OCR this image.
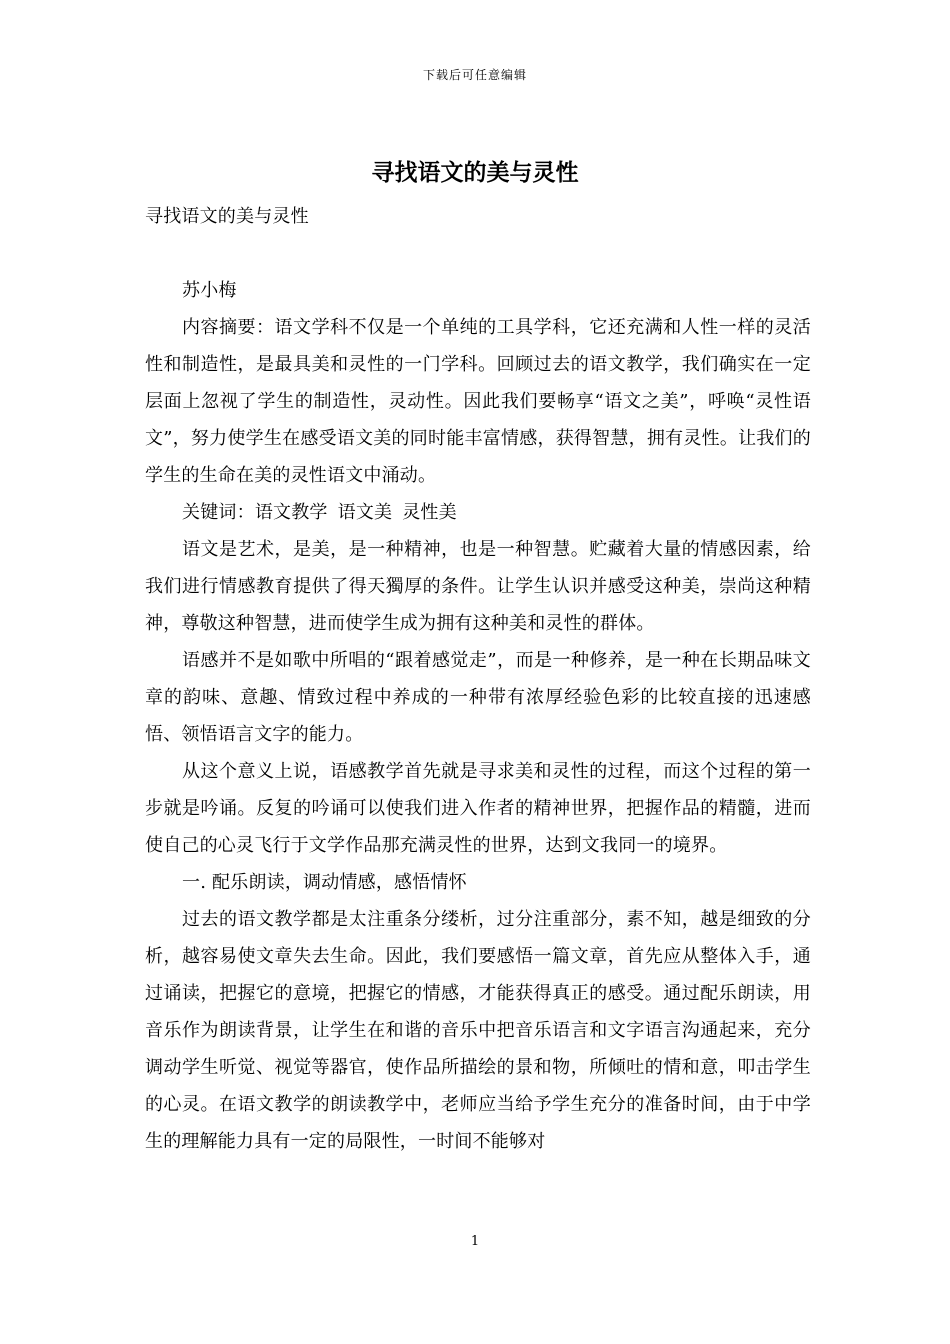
下载后可任意编辑
寻找语文的美与灵性

寻找语文的美与灵性

苏小梅

内容摘要：语文学科不仅是一个单纯的工具学科，它还充满和人性一样的灵活性和制造性，是最具美和灵性的一门学科。回顾过去的语文教学，我们确实在一定层面上忽视了学生的制造性，灵动性。因此我们要畅享“语文之美”，呼唤“灵性语文”，努力使学生在感受语文美的同时能丰富情感，获得智慧，拥有灵性。让我们的学生的生命在美的灵性语文中涌动。

关键词：语文教学 语文美 灵性美

语文是艺术，是美，是一种精神，也是一种智慧。贮藏着大量的情感因素，给我们进行情感教育提供了得天獨厚的条件。让学生认识并感受这种美，崇尚这种精神，尊敬这种智慧，进而使学生成为拥有这种美和灵性的群体。

语感并不是如歌中所唱的“跟着感觉走”，而是一种修养，是一种在长期品味文章的韵味、意趣、情致过程中养成的一种带有浓厚经验色彩的比较直接的迅速感悟、领悟语言文字的能力。

从这个意义上说，语感教学首先就是寻求美和灵性的过程，而这个过程的第一步就是吟诵。反复的吟诵可以使我们进入作者的精神世界，把握作品的精髓，进而使自己的心灵飞行于文学作品那充满灵性的世界，达到文我同一的境界。

一. 配乐朗读，调动情感，感悟情怀

过去的语文教学都是太注重条分缕析，过分注重部分，素不知，越是细致的分析，越容易使文章失去生命。因此，我们要感悟一篇文章，首先应从整体入手，通过诵读，把握它的意境，把握它的情感，才能获得真正的感受。通过配乐朗读，用音乐作为朗读背景，让学生在和谐的音乐中把音乐语言和文字语言沟通起来，充分调动学生听觉、视觉等器官，使作品所描绘的景和物，所倾吐的情和意，叩击学生的心灵。在语文教学的朗读教学中，老师应当给予学生充分的准备时间，由于中学生的理解能力具有一定的局限性，一时间不能够对

1
